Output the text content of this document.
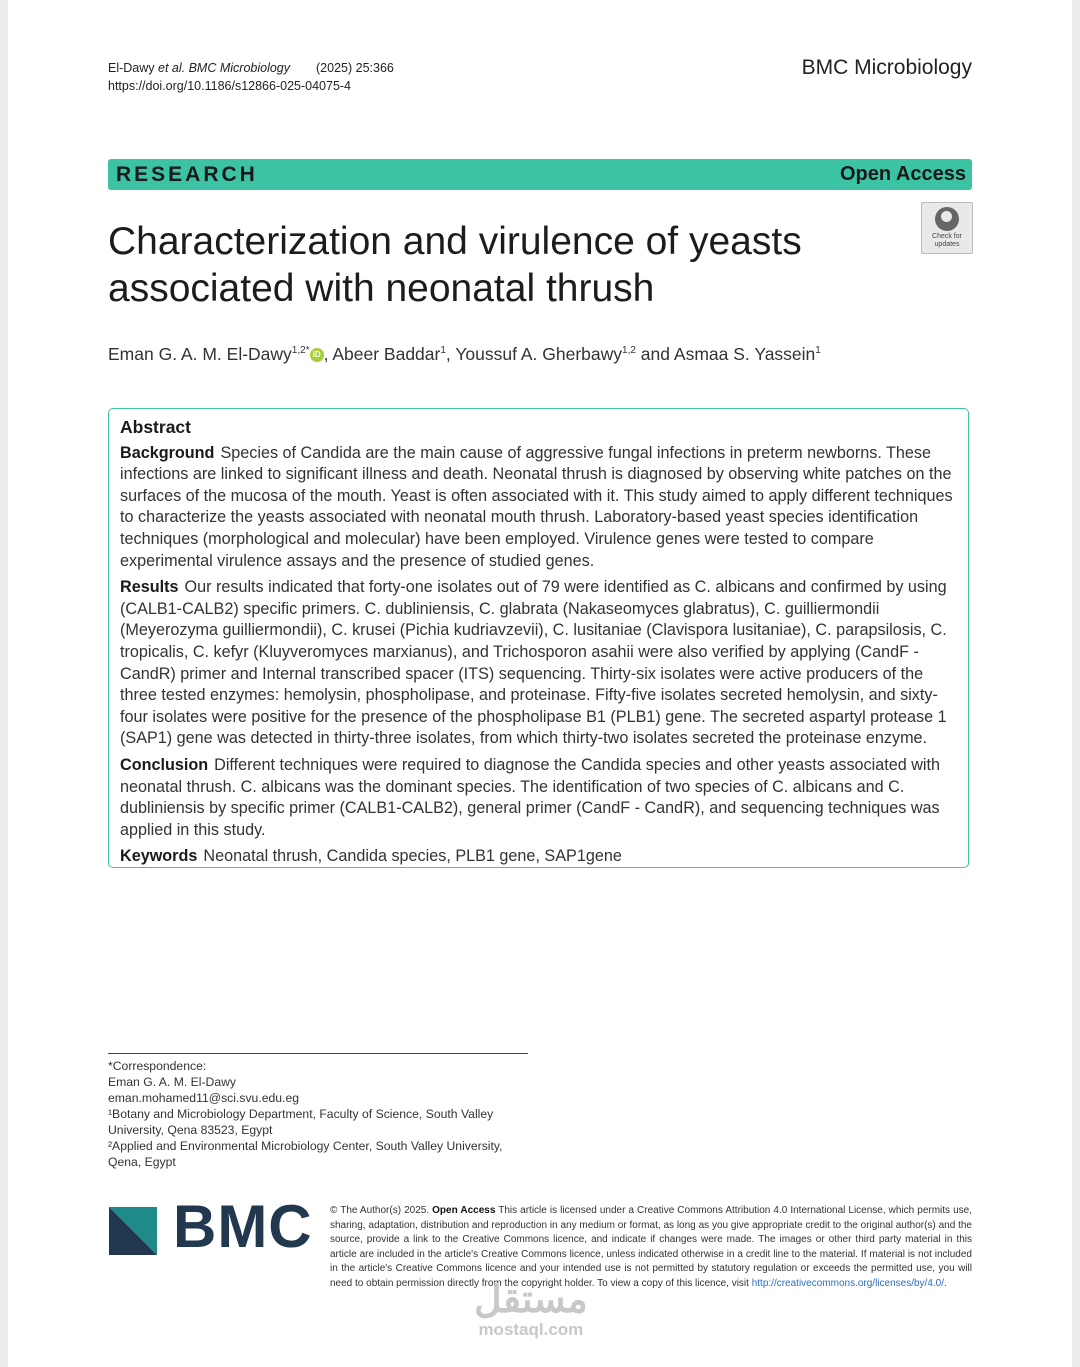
El-Dawy et al. BMC Microbiology (2025) 25:366
https://doi.org/10.1186/s12866-025-04075-4
BMC Microbiology
RESEARCH	Open Access
Check for updates
Characterization and virulence of yeasts associated with neonatal thrush
Eman G. A. M. El-Dawy$^{1,2*}$ iD , Abeer Baddar$^1$, Youssuf A. Gherbawy$^{1,2}$ and Asmaa S. Yassein$^1$
Abstract

Background Species of Candida are the main cause of aggressive fungal infections in preterm newborns. These infections are linked to significant illness and death. Neonatal thrush is diagnosed by observing white patches on the surfaces of the mucosa of the mouth. Yeast is often associated with it. This study aimed to apply different techniques to characterize the yeasts associated with neonatal mouth thrush. Laboratory-based yeast species identification techniques (morphological and molecular) have been employed. Virulence genes were tested to compare experimental virulence assays and the presence of studied genes.

Results Our results indicated that forty-one isolates out of 79 were identified as C. albicans and confirmed by using (CALB1-CALB2) specific primers. C. dubliniensis, C. glabrata (Nakaseomyces glabratus), C. guilliermondii (Meyerozyma guilliermondii), C. krusei (Pichia kudriavzevii), C. lusitaniae (Clavispora lusitaniae), C. parapsilosis, C. tropicalis, C. kefyr (Kluyveromyces marxianus), and Trichosporon asahii were also verified by applying (CandF - CandR) primer and Internal transcribed spacer (ITS) sequencing. Thirty-six isolates were active producers of the three tested enzymes: hemolysin, phospholipase, and proteinase. Fifty-five isolates secreted hemolysin, and sixty-four isolates were positive for the presence of the phospholipase B1 (PLB1) gene. The secreted aspartyl protease 1 (SAP1) gene was detected in thirty-three isolates, from which thirty-two isolates secreted the proteinase enzyme.

Conclusion Different techniques were required to diagnose the Candida species and other yeasts associated with neonatal thrush. C. albicans was the dominant species. The identification of two species of C. albicans and C. dubliniensis by specific primer (CALB1-CALB2), general primer (CandF - CandR), and sequencing techniques was applied in this study.

Keywords Neonatal thrush, Candida species, PLB1 gene, SAP1gene

*Correspondence:
Eman G. A. M. El-Dawy
eman.mohamed11@sci.svu.edu.eg
¹Botany and Microbiology Department, Faculty of Science, South Valley University, Qena 83523, Egypt
²Applied and Environmental Microbiology Center, South Valley University, Qena, Egypt
BMC © The Author(s) 2025. Open Access This article is licensed under a Creative Commons Attribution 4.0 International License, which permits use, sharing, adaptation, distribution and reproduction in any medium or format, as long as you give appropriate credit to the original author(s) and the source, provide a link to the Creative Commons licence, and indicate if changes were made. The images or other third party material in this article are included in the article's Creative Commons licence, unless indicated otherwise in a credit line to the material. If material is not included in the article's Creative Commons licence and your intended use is not permitted by statutory regulation or exceeds the permitted use, you will need to obtain permission directly from the copyright holder. To view a copy of this licence, visit http://creativecommons.org/licenses/by/4.0/.
مستقل
mostaql.com
